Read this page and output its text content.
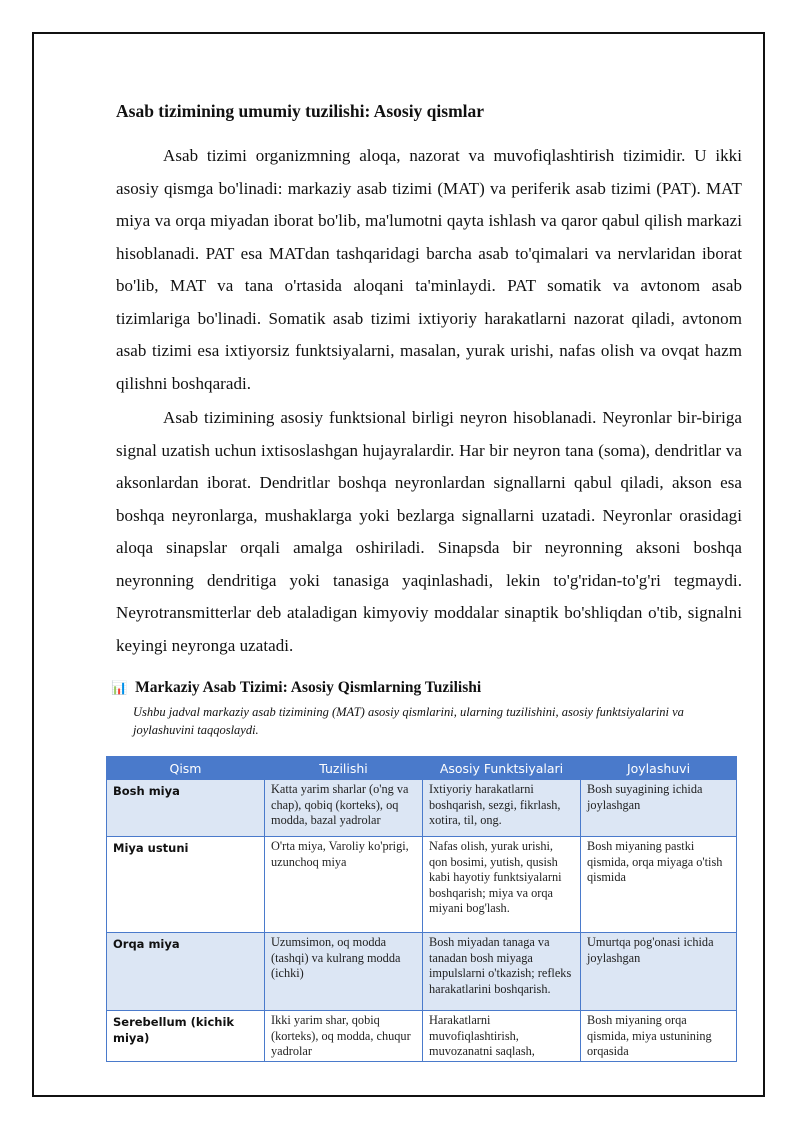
Asab tizimining umumiy tuzilishi: Asosiy qismlar

Asab tizimi organizmning aloqa, nazorat va muvofiqlashtirish tizimidir. U ikki asosiy qismga bo'linadi: markaziy asab tizimi (MAT) va periferik asab tizimi (PAT). MAT miya va orqa miyadan iborat bo'lib, ma'lumotni qayta ishlash va qaror qabul qilish markazi hisoblanadi. PAT esa MATdan tashqaridagi barcha asab to'qimalari va nervlaridan iborat bo'lib, MAT va tana o'rtasida aloqani ta'minlaydi. PAT somatik va avtonom asab tizimlariga bo'linadi. Somatik asab tizimi ixtiyoriy harakatlarni nazorat qiladi, avtonom asab tizimi esa ixtiyorsiz funktsiyalarni, masalan, yurak urishi, nafas olish va ovqat hazm qilishni boshqaradi.

Asab tizimining asosiy funktsional birligi neyron hisoblanadi. Neyronlar bir-biriga signal uzatish uchun ixtisoslashgan hujayralardir. Har bir neyron tana (soma), dendritlar va aksonlardan iborat. Dendritlar boshqa neyronlardan signallarni qabul qiladi, akson esa boshqa neyronlarga, mushaklarga yoki bezlarga signallarni uzatadi. Neyronlar orasidagi aloqa sinapslar orqali amalga oshiriladi. Sinapsda bir neyronning aksoni boshqa neyronning dendritiga yoki tanasiga yaqinlashadi, lekin to'g'ridan-to'g'ri tegmaydi. Neyrotransmitterlar deb ataladigan kimyoviy moddalar sinaptik bo'shliqdan o'tib, signalni keyingi neyronga uzatadi.

📊 Markaziy Asab Tizimi: Asosiy Qismlarning Tuzilishi
Ushbu jadval markaziy asab tizimining (MAT) asosiy qismlarini, ularning tuzilishini, asosiy funktsiyalarini va joylashuvini taqqoslaydi.
Qism	Tuzilishi	Asosiy Funktsiyalari	Joylashuvi
Bosh miya	Katta yarim sharlar (o'ng va chap), qobiq (korteks), oq modda, bazal yadrolar	Ixtiyoriy harakatlarni boshqarish, sezgi, fikrlash, xotira, til, ong.	Bosh suyagining ichida joylashgan
Miya ustuni	O'rta miya, Varoliy ko'prigi, uzunchoq miya	Nafas olish, yurak urishi, qon bosimi, yutish, qusish kabi hayotiy funktsiyalarni boshqarish; miya va orqa miyani bog'lash.	Bosh miyaning pastki qismida, orqa miyaga o'tish qismida
Orqa miya	Uzumsimon, oq modda (tashqi) va kulrang modda (ichki)	Bosh miyadan tanaga va tanadan bosh miyaga impulslarni o'tkazish; refleks harakatlarini boshqarish.	Umurtqa pog'onasi ichida joylashgan
Serebellum (kichik miya)	Ikki yarim shar, qobiq (korteks), oq modda, chuqur yadrolar	Harakatlarni muvofiqlashtirish, muvozanatni saqlash,	Bosh miyaning orqa qismida, miya ustunining orqasida
